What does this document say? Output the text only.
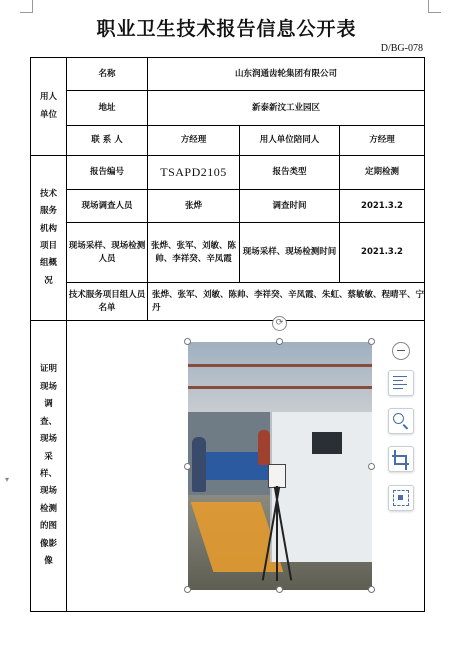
职业卫生技术报告信息公开表
D/BG-078
用人单位	名称	山东润通齿轮集团有限公司		
	地址	新泰新汶工业园区		
	联 系 人	方经理	用人单位陪同人	方经理
技术服务机构项目组概况	报告编号	TSAPD2105	报告类型	定期检测
	现场调查人员	张烨	调查时间	2021.3.2
	现场采样、现场检测人员	张烨、张军、刘敏、陈帅、李祥癸、辛凤霞	现场采样、现场检测时间	2021.3.2
	技术服务项目组人员名单	张烨、张军、刘敏、陈帅、李祥癸、辛凤霞、朱虹、蔡敏敏、程晴平、宁丹		
证明现场调查、现场采样、现场检测的图像影像	⟳			
▾
